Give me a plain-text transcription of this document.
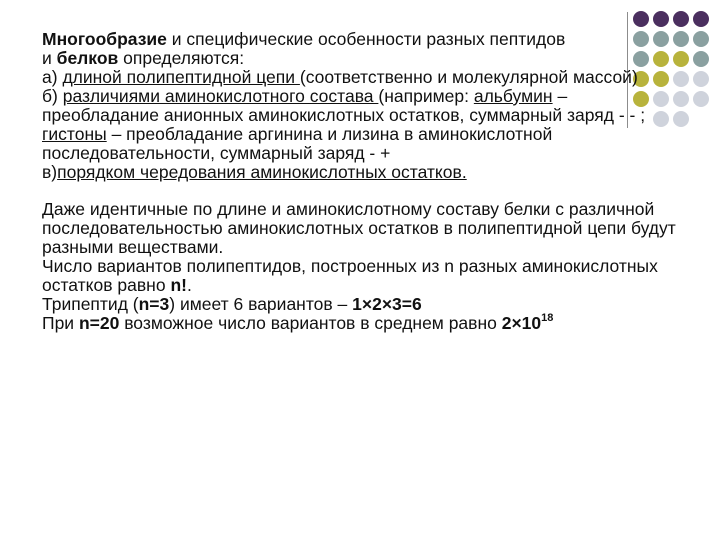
Многообразие и специфические особенности разных пептидов
и белков определяются:

а) длиной полипептидной цепи (соответственно и молекулярной массой)

б) различиями аминокислотного состава (например: альбумин – преобладание анионных аминокислотных остатков, суммарный заряд - - ; гистоны – преобладание аргинина и лизина в аминокислотной последовательности, суммарный заряд - +

в)порядком чередования аминокислотных остатков.

Даже идентичные по длине и аминокислотному составу белки с различной последовательностью аминокислотных остатков в полипептидной цепи будут разными веществами.

Число вариантов полипептидов, построенных из n разных аминокислотных остатков равно n!.

Трипептид (n=3) имеет 6 вариантов – 1×2×3=6

При n=20 возможное число вариантов в среднем равно $2\times 10^{18}$
